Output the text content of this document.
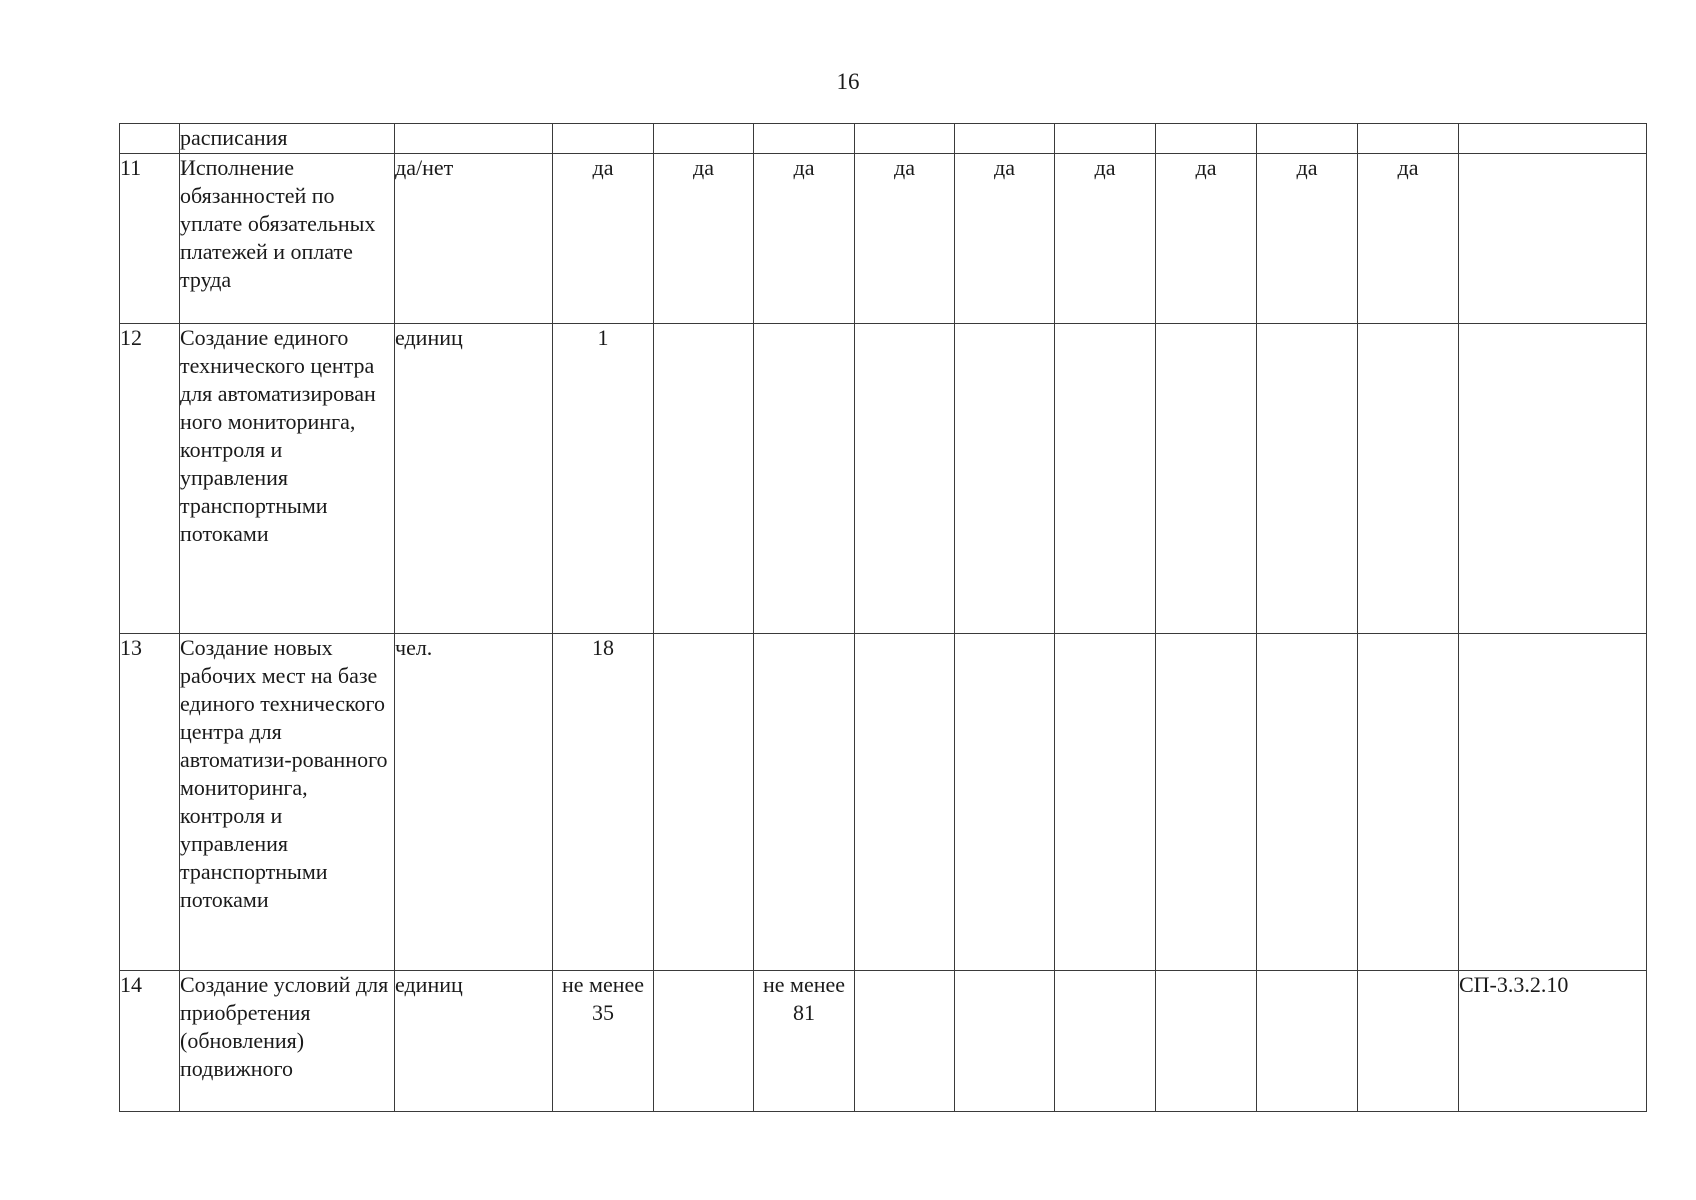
16
	расписания											
11	Исполнение обязанностей по уплате обязательных платежей и оплате труда	да/нет	да	да	да	да	да	да	да	да	да	
12	Создание единого технического центра для автоматизирован ного мониторинга, контроля и управления транспортными потоками	единиц	1									
13	Создание новых рабочих мест на базе единого технического центра для автоматизи-рованного мониторинга, контроля и управления транспортными потоками	чел.	18									
14	Создание условий для приобретения (обновления) подвижного	единиц	не менее 35		не менее 81							СП-3.3.2.10
